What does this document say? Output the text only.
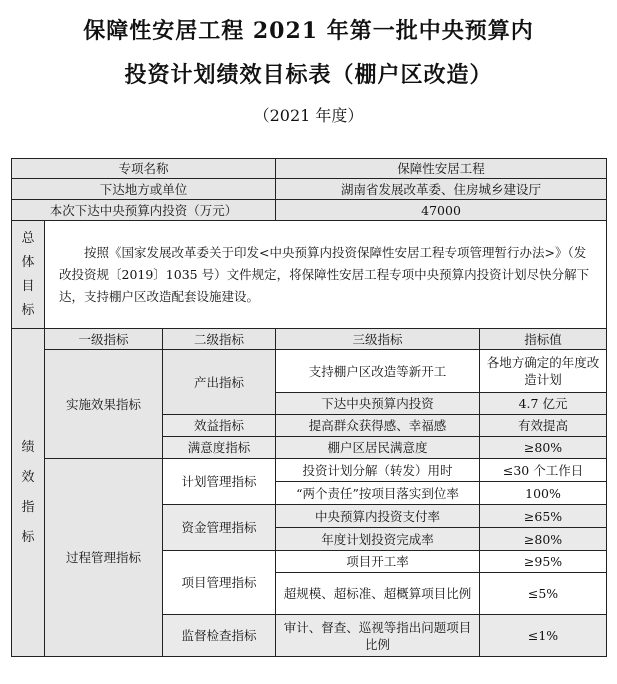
保障性安居工程 2021 年第一批中央预算内
投资计划绩效目标表（棚户区改造）
（2021 年度）
专项名称			保障性安居工程	
下达地方或单位			湖南省发展改革委、住房城乡建设厅	
本次下达中央预算内投资（万元）			47000	

总
体
目
标	按照《国家发展改革委关于印发<中央预算内投资保障性安居工程专项管理暂行办法>》（发改投资规〔2019〕1035 号）文件规定，将保障性安居工程专项中央预算内投资计划尽快分解下达，支持棚户区改造配套设施建设。			

绩
效
指
标	一级指标	二级指标	三级指标	指标值
	实施效果指标	产出指标	支持棚户区改造等新开工	各地方确定的年度改造计划
			下达中央预算内投资	4.7 亿元
		效益指标	提高群众获得感、幸福感	有效提高
		满意度指标	棚户区居民满意度	≥80%
	过程管理指标	计划管理指标	投资计划分解（转发）用时	≤30 个工作日
			“两个责任”按项目落实到位率	100%
		资金管理指标	中央预算内投资支付率	≥65%
			年度计划投资完成率	≥80%
		项目管理指标	项目开工率	≥95%
			超规模、超标准、超概算项目比例	≤5%
		监督检查指标	审计、督查、巡视等指出问题项目比例	≤1%
